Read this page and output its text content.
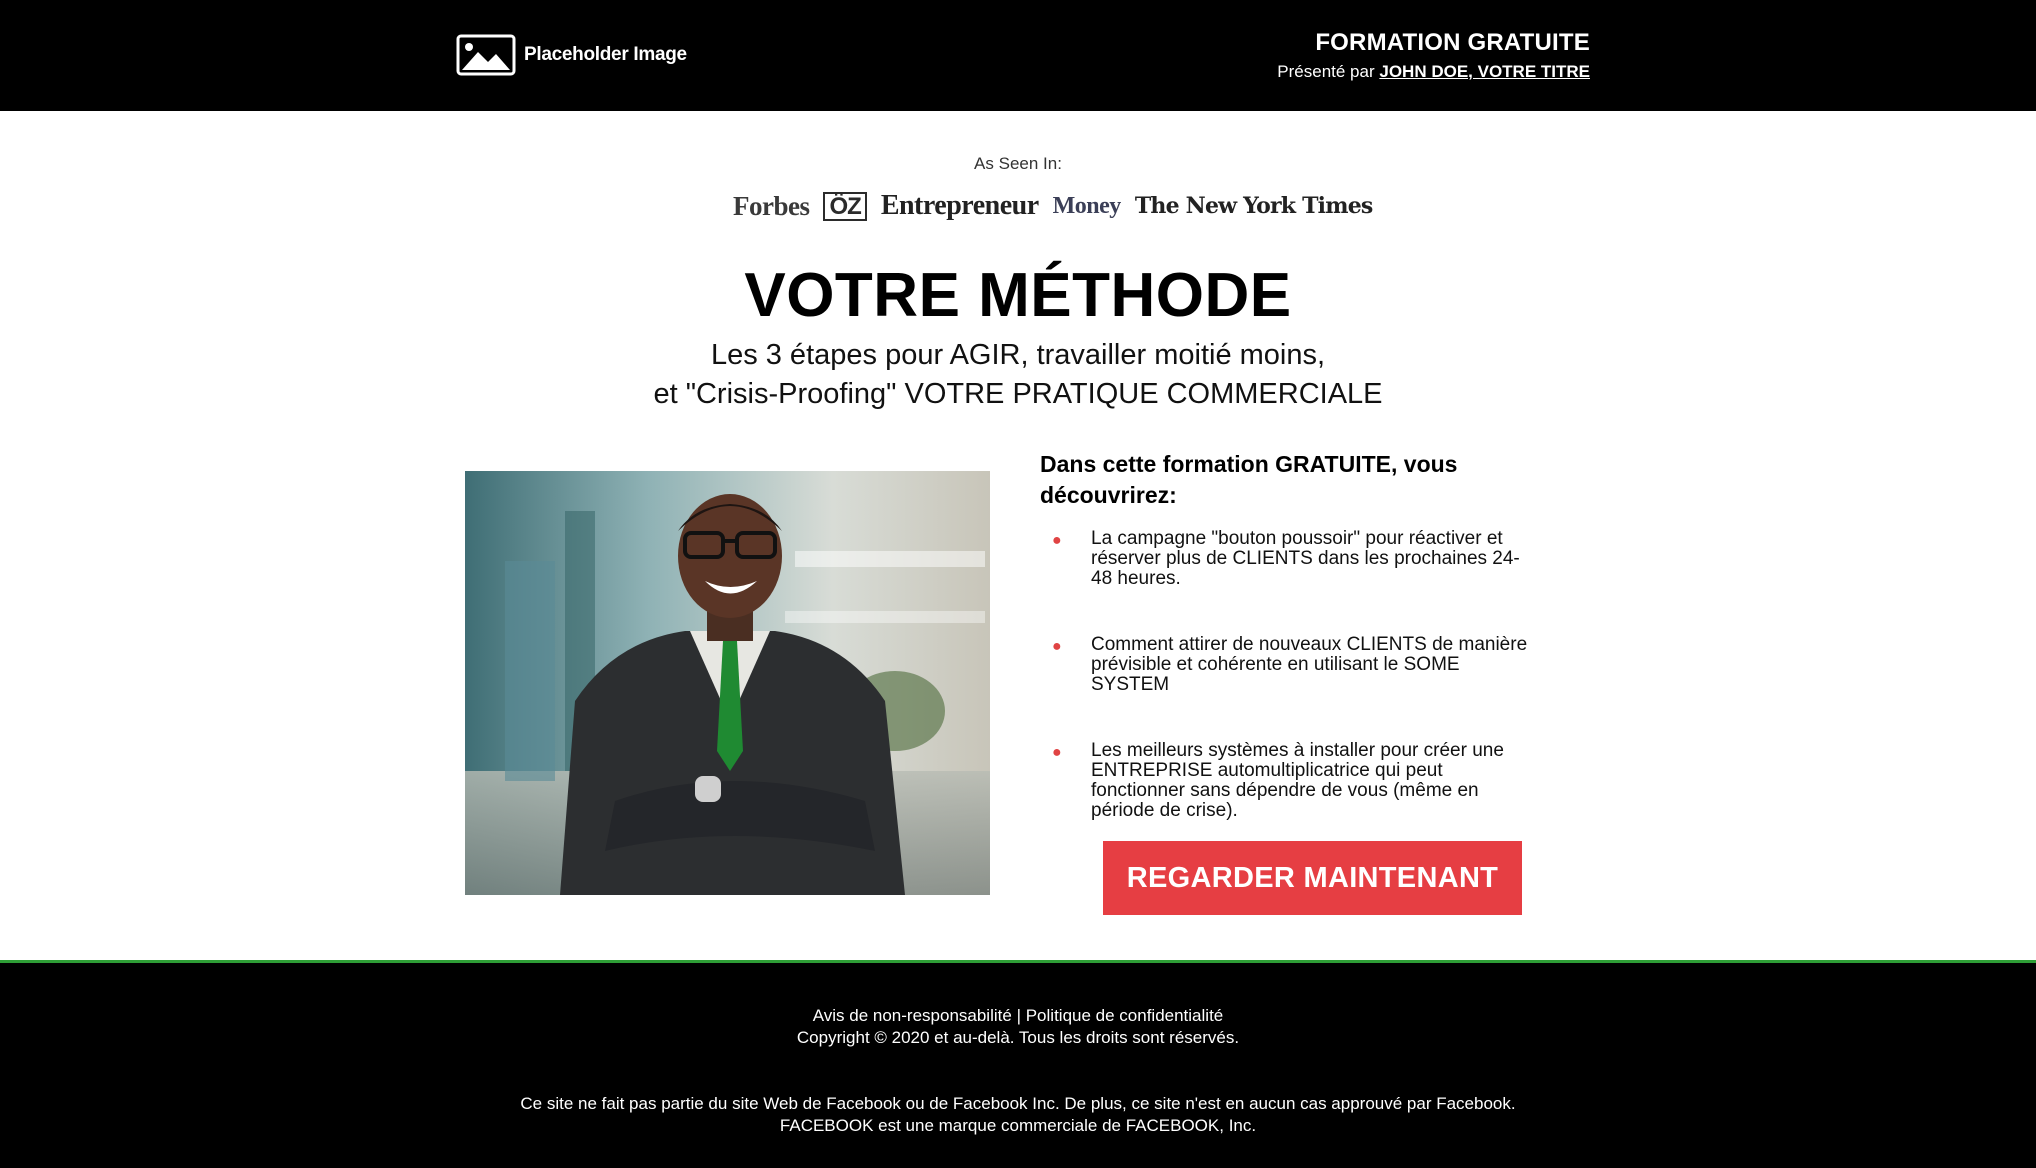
Placeholder Image	FORMATION GRATUITE
Présenté par JOHN DOE, VOTRE TITRE
As Seen In:
Forbes ÖZ Entrepreneur Money The New York Times
VOTRE MÉTHODE
Les 3 étapes pour AGIR, travailler moitié moins,
et "Crisis-Proofing" VOTRE PRATIQUE COMMERCIALE
Dans cette formation GRATUITE, vous découvrirez:
● La campagne "bouton poussoir" pour réactiver et réserver plus de CLIENTS dans les prochaines 24-48 heures.
● Comment attirer de nouveaux CLIENTS de manière prévisible et cohérente en utilisant le SOME SYSTEM
● Les meilleurs systèmes à installer pour créer une ENTREPRISE automultiplicatrice qui peut fonctionner sans dépendre de vous (même en période de crise).
REGARDER MAINTENANT
Avis de non-responsabilité | Politique de confidentialité
Copyright © 2020 et au-delà. Tous les droits sont réservés.
Ce site ne fait pas partie du site Web de Facebook ou de Facebook Inc. De plus, ce site n'est en aucun cas approuvé par Facebook.
FACEBOOK est une marque commerciale de FACEBOOK, Inc.
